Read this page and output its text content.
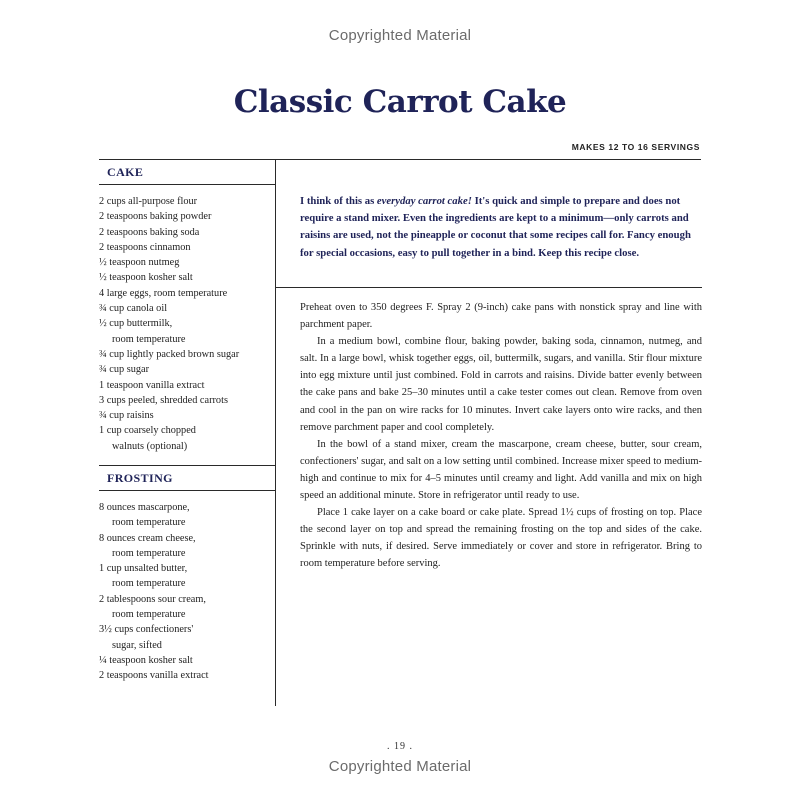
Copyrighted Material
Classic Carrot Cake
MAKES 12 TO 16 SERVINGS
CAKE
2 cups all-purpose flour
2 teaspoons baking powder
2 teaspoons baking soda
2 teaspoons cinnamon
½ teaspoon nutmeg
½ teaspoon kosher salt
4 large eggs, room temperature
¾ cup canola oil
½ cup buttermilk,
room temperature
¾ cup lightly packed brown sugar
¾ cup sugar
1 teaspoon vanilla extract
3 cups peeled, shredded carrots
¾ cup raisins
1 cup coarsely chopped
walnuts (optional)
FROSTING
8 ounces mascarpone,
room temperature
8 ounces cream cheese,
room temperature
1 cup unsalted butter,
room temperature
2 tablespoons sour cream,
room temperature
3½ cups confectioners'
sugar, sifted
¼ teaspoon kosher salt
2 teaspoons vanilla extract
I think of this as everyday carrot cake! It's quick and simple to prepare and does not require a stand mixer. Even the ingredients are kept to a minimum—only carrots and raisins are used, not the pineapple or coconut that some recipes call for. Fancy enough for special occasions, easy to pull together in a bind. Keep this recipe close.

Preheat oven to 350 degrees F. Spray 2 (9-inch) cake pans with nonstick spray and line with parchment paper.

In a medium bowl, combine flour, baking powder, baking soda, cinnamon, nutmeg, and salt. In a large bowl, whisk together eggs, oil, buttermilk, sugars, and vanilla. Stir flour mixture into egg mixture until just combined. Fold in carrots and raisins. Divide batter evenly between the cake pans and bake 25–30 minutes until a cake tester comes out clean. Remove from oven and cool in the pan on wire racks for 10 minutes. Invert cake layers onto wire racks, and then remove parchment paper and cool completely.

In the bowl of a stand mixer, cream the mascarpone, cream cheese, butter, sour cream, confectioners' sugar, and salt on a low setting until combined. Increase mixer speed to medium-high and continue to mix for 4–5 minutes until creamy and light. Add vanilla and mix on high speed an additional minute. Store in refrigerator until ready to use.

Place 1 cake layer on a cake board or cake plate. Spread 1½ cups of frosting on top. Place the second layer on top and spread the remaining frosting on the top and sides of the cake. Sprinkle with nuts, if desired. Serve immediately or cover and store in refrigerator. Bring to room temperature before serving.

. 19 .
Copyrighted Material
